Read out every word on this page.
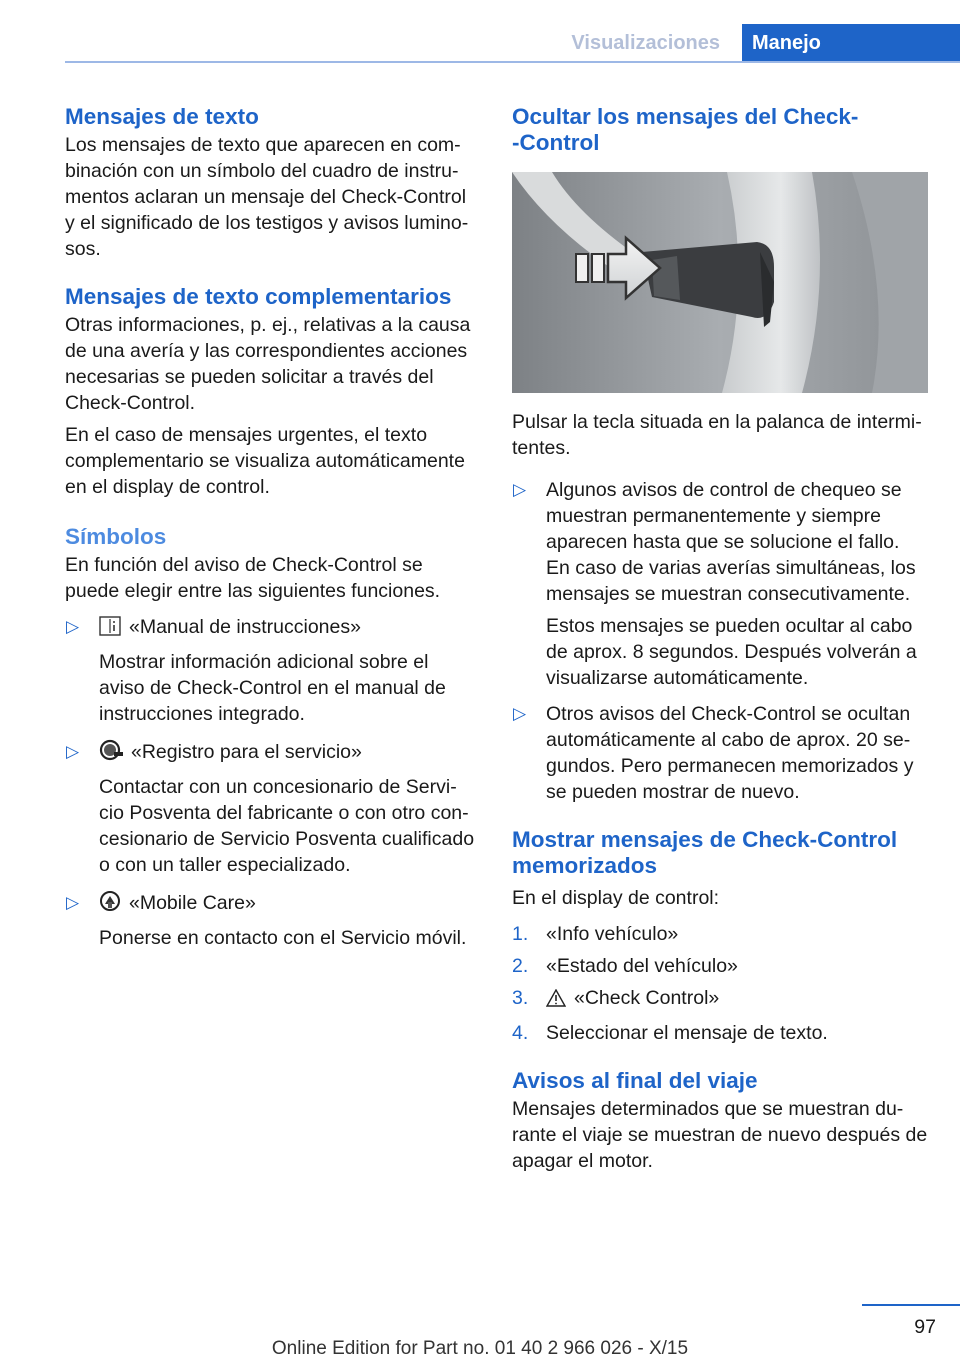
Visualizaciones	Manejo
Mensajes de texto

Los mensajes de texto que aparecen en com-binación con un símbolo del cuadro de instru-mentos aclaran un mensaje del Check-Control y el significado de los testigos y avisos lumino-sos.

Mensajes de texto complementarios

Otras informaciones, p. ej., relativas a la causa de una avería y las correspondientes acciones necesarias se pueden solicitar a través del Check-Control.

En el caso de mensajes urgentes, el texto complementario se visualiza automáticamente en el display de control.

Símbolos

En función del aviso de Check-Control se puede elegir entre las siguientes funciones.

▷	«Manual de instrucciones»

Mostrar información adicional sobre el aviso de Check-Control en el manual de instrucciones integrado.

▷	«Registro para el servicio»

Contactar con un concesionario de Servi-cio Posventa del fabricante o con otro con-cesionario de Servicio Posventa cualificado o con un taller especializado.

▷	«Mobile Care»

Ponerse en contacto con el Servicio móvil.

Ocultar los mensajes del Check-
-Control

Pulsar la tecla situada en la palanca de intermi-tentes.

▷ Algunos avisos de control de chequeo se muestran permanentemente y siempre aparecen hasta que se solucione el fallo. En caso de varias averías simultáneas, los mensajes se muestran consecutivamente.

Estos mensajes se pueden ocultar al cabo de aprox. 8 segundos. Después volverán a visualizarse automáticamente.

▷ Otros avisos del Check-Control se ocultan automáticamente al cabo de aprox. 20 se-gundos. Pero permanecen memorizados y se pueden mostrar de nuevo.

Mostrar mensajes de Check-Control memorizados

En el display de control:

1. «Info vehículo»
2. «Estado del vehículo»
3. «Check Control»
4. Seleccionar el mensaje de texto.
Avisos al final del viaje

Mensajes determinados que se muestran du-rante el viaje se muestran de nuevo después de apagar el motor.

97
Online Edition for Part no. 01 40 2 966 026 - X/15
